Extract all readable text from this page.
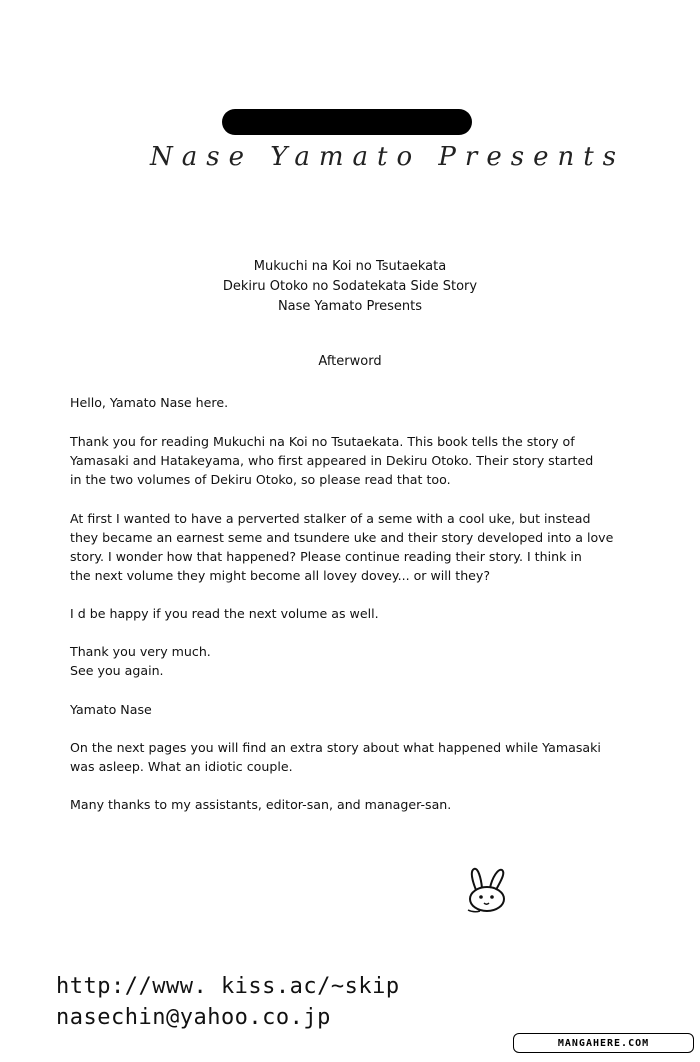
Nase Yamato Presents
Mukuchi na Koi no Tsutaekata
Dekiru Otoko no Sodatekata Side Story
Nase Yamato Presents
Afterword
Hello, Yamato Nase here.
Thank you for reading Mukuchi na Koi no Tsutaekata. This book tells the story of
Yamasaki and Hatakeyama, who first appeared in Dekiru Otoko. Their story started
in the two volumes of Dekiru Otoko, so please read that too.
At first I wanted to have a perverted stalker of a seme with a cool uke, but instead
they became an earnest seme and tsundere uke and their story developed into a love
story. I wonder how that happened? Please continue reading their story. I think in
the next volume they might become all lovey dovey... or will they?
I d be happy if you read the next volume as well.
Thank you very much.
See you again.
Yamato Nase
On the next pages you will find an extra story about what happened while Yamasaki
was asleep. What an idiotic couple.
Many thanks to my assistants, editor-san, and manager-san.
http://www. kiss.ac/~skip
nasechin@yahoo.co.jp
MANGAHERE.COM
